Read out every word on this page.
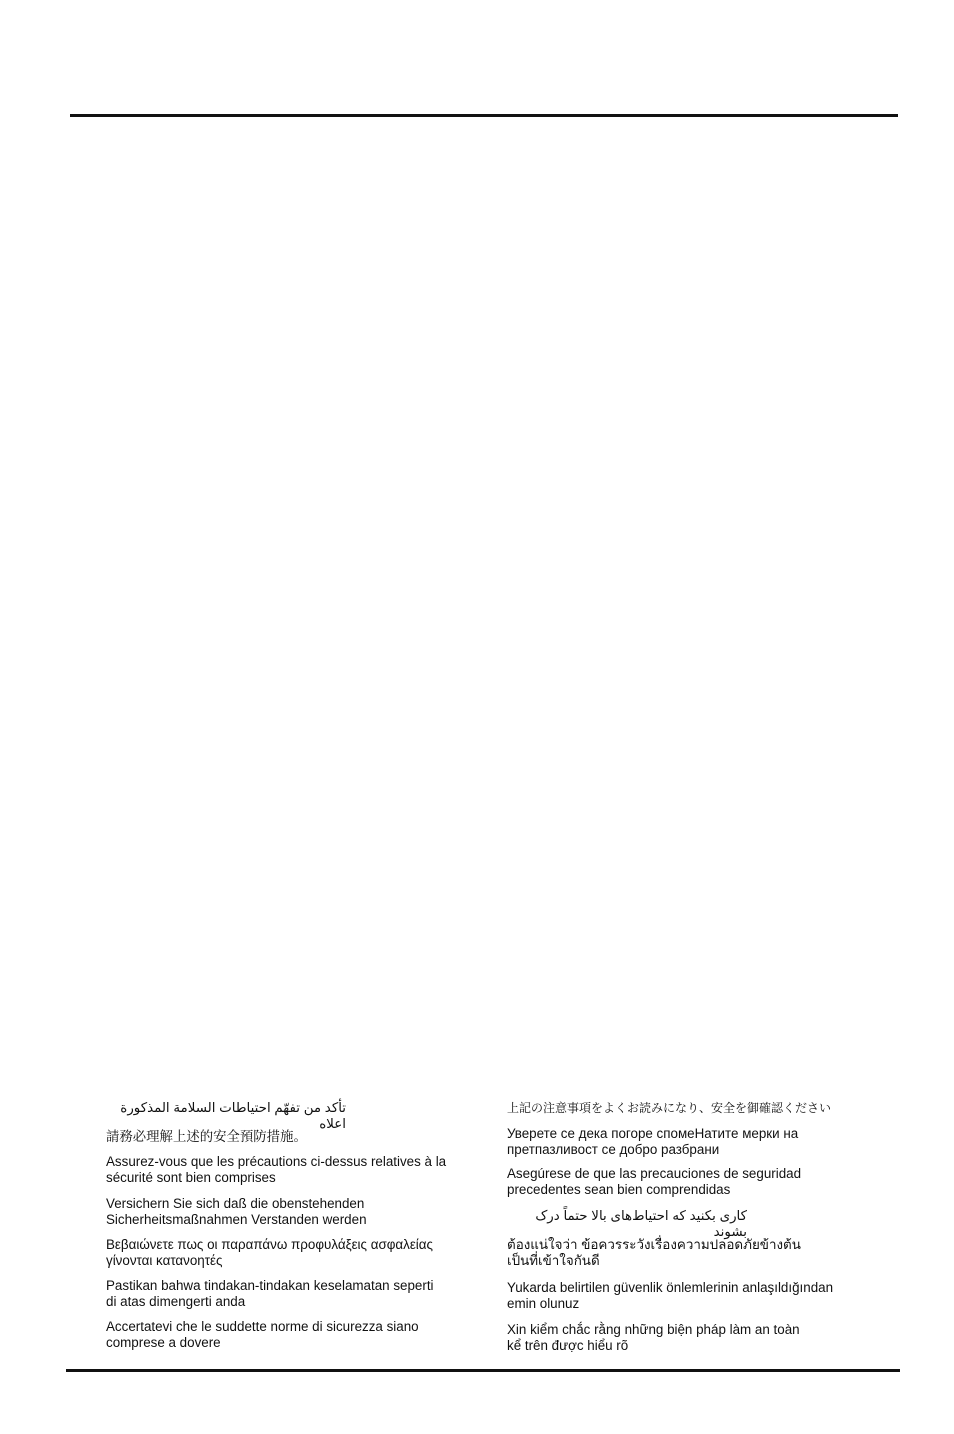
تأكد من تفهّم احتياطات السلامة المذكورة اعلاه
請務必理解上述的安全預防措施。
Assurez-vous que les précautions ci-dessus relatives à la
sécurité sont bien comprises
Versichern Sie sich daß die obenstehenden
Sicherheitsmaßnahmen Verstanden werden
Βεβαιώνετε πως οι παραπάνω προφυλάξεις ασφαλείας
γίνονται κατανοητές
Pastikan bahwa tindakan-tindakan keselamatan seperti
di atas dimengerti anda
Accertatevi che le suddette norme di sicurezza siano
comprese a dovere
上記の注意事項をよくお読みになり、安全を御確認ください
Уверете се дека погоре спомеНатите мерки на
претпазливост се добро разбрани
Asegúrese de que las precauciones de seguridad
precedentes sean bien comprendidas
کاری بکنید که احتیاط‌های بالا حتماً درک بشوند
ต้องแน่ใจว่า ข้อควรระวังเรื่องความปลอดภัยข้างต้น
เป็นที่เข้าใจกันดี
Yukarda belirtilen güvenlik önlemlerinin anlaşıldığından
emin olunuz
Xin kiểm chắc rằng những biện pháp làm an toàn
kể trên được hiểu rõ
